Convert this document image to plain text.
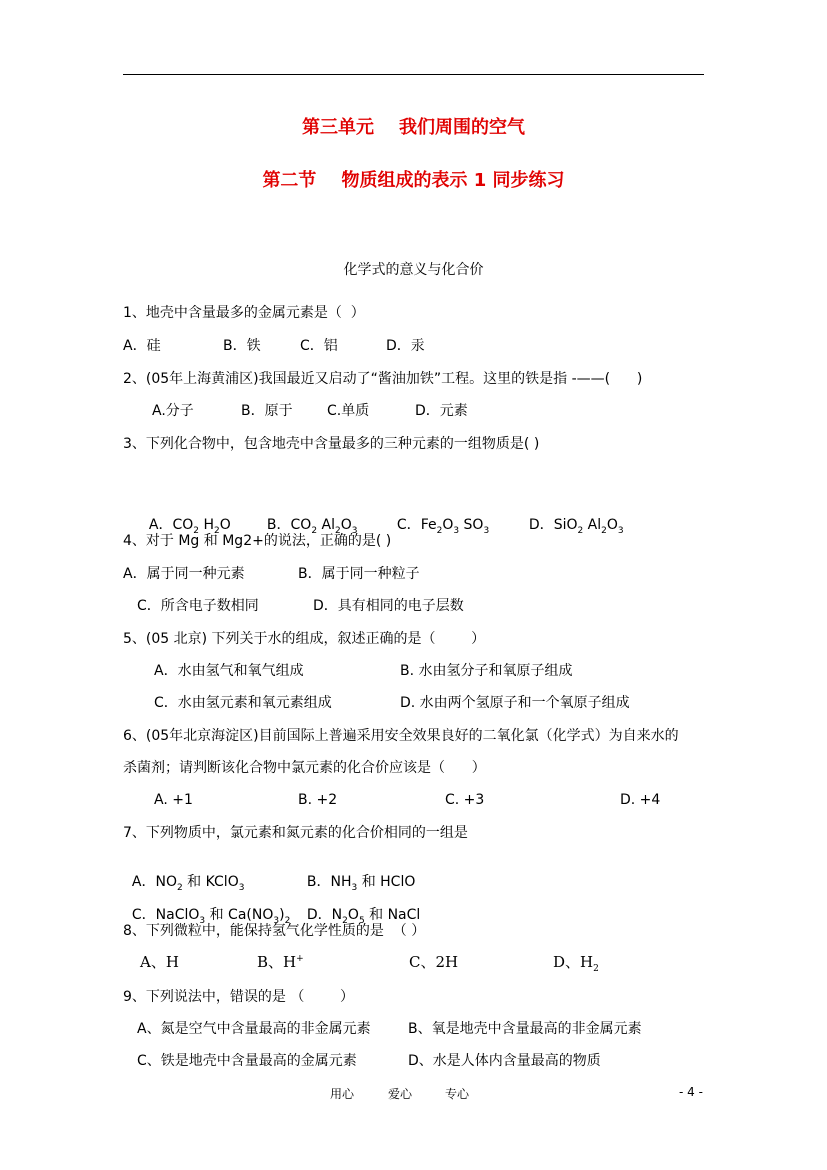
第三单元    我们周围的空气
第二节    物质组成的表示 1 同步练习
化学式的意义与化合价
1、地壳中含量最多的金属元素是（  ）
A．硅	B．铁	C．铝	D．汞
2、(05年上海黄浦区)我国最近又启动了“酱油加铁”工程。这里的铁是指 -——(      )
A.分子	B．原于 C.单质	D．元素
3、下列化合物中，包含地壳中含量最多的三种元素的一组物质是( )

A．$CO_2$ $H_2O$	B．$CO_2$ $Al_2O_3$	C．$Fe_2O_3$ $SO_3$	D．SiO$_2$ $Al_2O_3$

4、对于 Mg 和 Mg2+的说法，正确的是( )
A．属于同一种元素	B．属于同一种粒子
C．所含电子数相同	D．具有相同的电子层数
5、(05 北京) 下列关于水的组成，叙述正确的是（        ）
A．水由氢气和氧气组成	B. 水由氢分子和氧原子组成
C．水由氢元素和氧元素组成	D. 水由两个氢原子和一个氧原子组成
6、(05年北京海淀区)目前国际上普遍采用安全效果良好的二氧化氯（化学式）为自来水的
杀菌剂；请判断该化合物中氯元素的化合价应该是（      ）
A. +1	B. +2	C. +3	D. +4
7、下列物质中，氯元素和氮元素的化合价相同的一组是

A．$NO_2$ 和 KClO$_3$	B．$NH_3$ 和 HClO

C．NaClO$_3$ 和 $Ca(NO_3)_2$	D．$N_2O_5$ 和 NaCl

8、下列微粒中，能保持氢气化学性质的是  （ ）
A、H	B、H+	C、2H	D、$H_2$
9、下列说法中，错误的是 （        ）
A、氮是空气中含量最高的非金属元素	B、氧是地壳中含量最高的非金属元素
C、铁是地壳中含量最高的金属元素	D、水是人体内含量最高的物质
用心	爱心	专心	- 4 -
